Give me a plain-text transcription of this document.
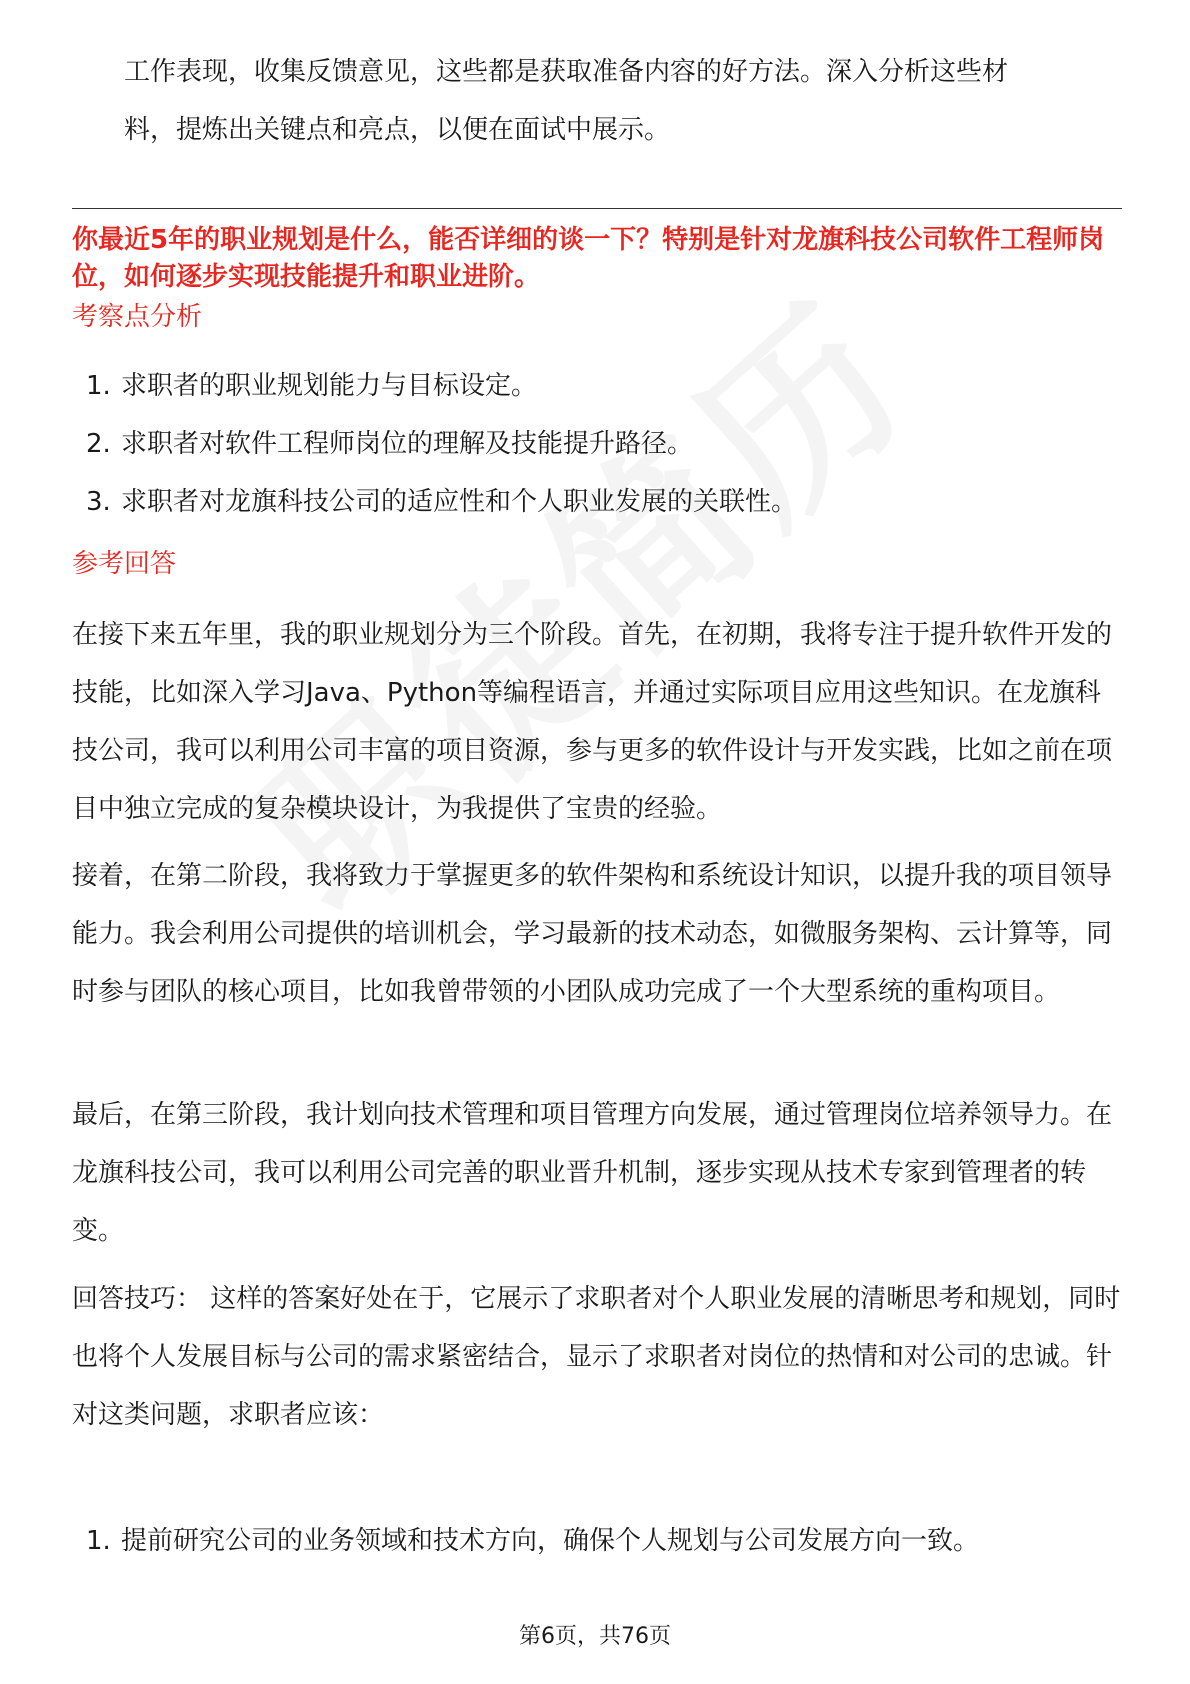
工作表现，收集反馈意见，这些都是获取准备内容的好方法。深入分析这些材

料，提炼出关键点和亮点，以便在面试中展示。

你最近5年的职业规划是什么，能否详细的谈一下？特别是针对龙旗科技公司软件工程师岗位，如何逐步实现技能提升和职业进阶。

考察点分析

1. 求职者的职业规划能力与目标设定。
2. 求职者对软件工程师岗位的理解及技能提升路径。
3. 求职者对龙旗科技公司的适应性和个人职业发展的关联性。

参考回答

在接下来五年里，我的职业规划分为三个阶段。首先，在初期，我将专注于提升软件开发的技能，比如深入学习Java、Python等编程语言，并通过实际项目应用这些知识。在龙旗科技公司，我可以利用公司丰富的项目资源，参与更多的软件设计与开发实践，比如之前在项目中独立完成的复杂模块设计，为我提供了宝贵的经验。

接着，在第二阶段，我将致力于掌握更多的软件架构和系统设计知识，以提升我的项目领导能力。我会利用公司提供的培训机会，学习最新的技术动态，如微服务架构、云计算等，同时参与团队的核心项目，比如我曾带领的小团队成功完成了一个大型系统的重构项目。

最后，在第三阶段，我计划向技术管理和项目管理方向发展，通过管理岗位培养领导力。在龙旗科技公司，我可以利用公司完善的职业晋升机制，逐步实现从技术专家到管理者的转变。

回答技巧： 这样的答案好处在于，它展示了求职者对个人职业发展的清晰思考和规划，同时也将个人发展目标与公司的需求紧密结合，显示了求职者对岗位的热情和对公司的忠诚。针对这类问题，求职者应该：

1. 提前研究公司的业务领域和技术方向，确保个人规划与公司发展方向一致。
第6页，共76页
